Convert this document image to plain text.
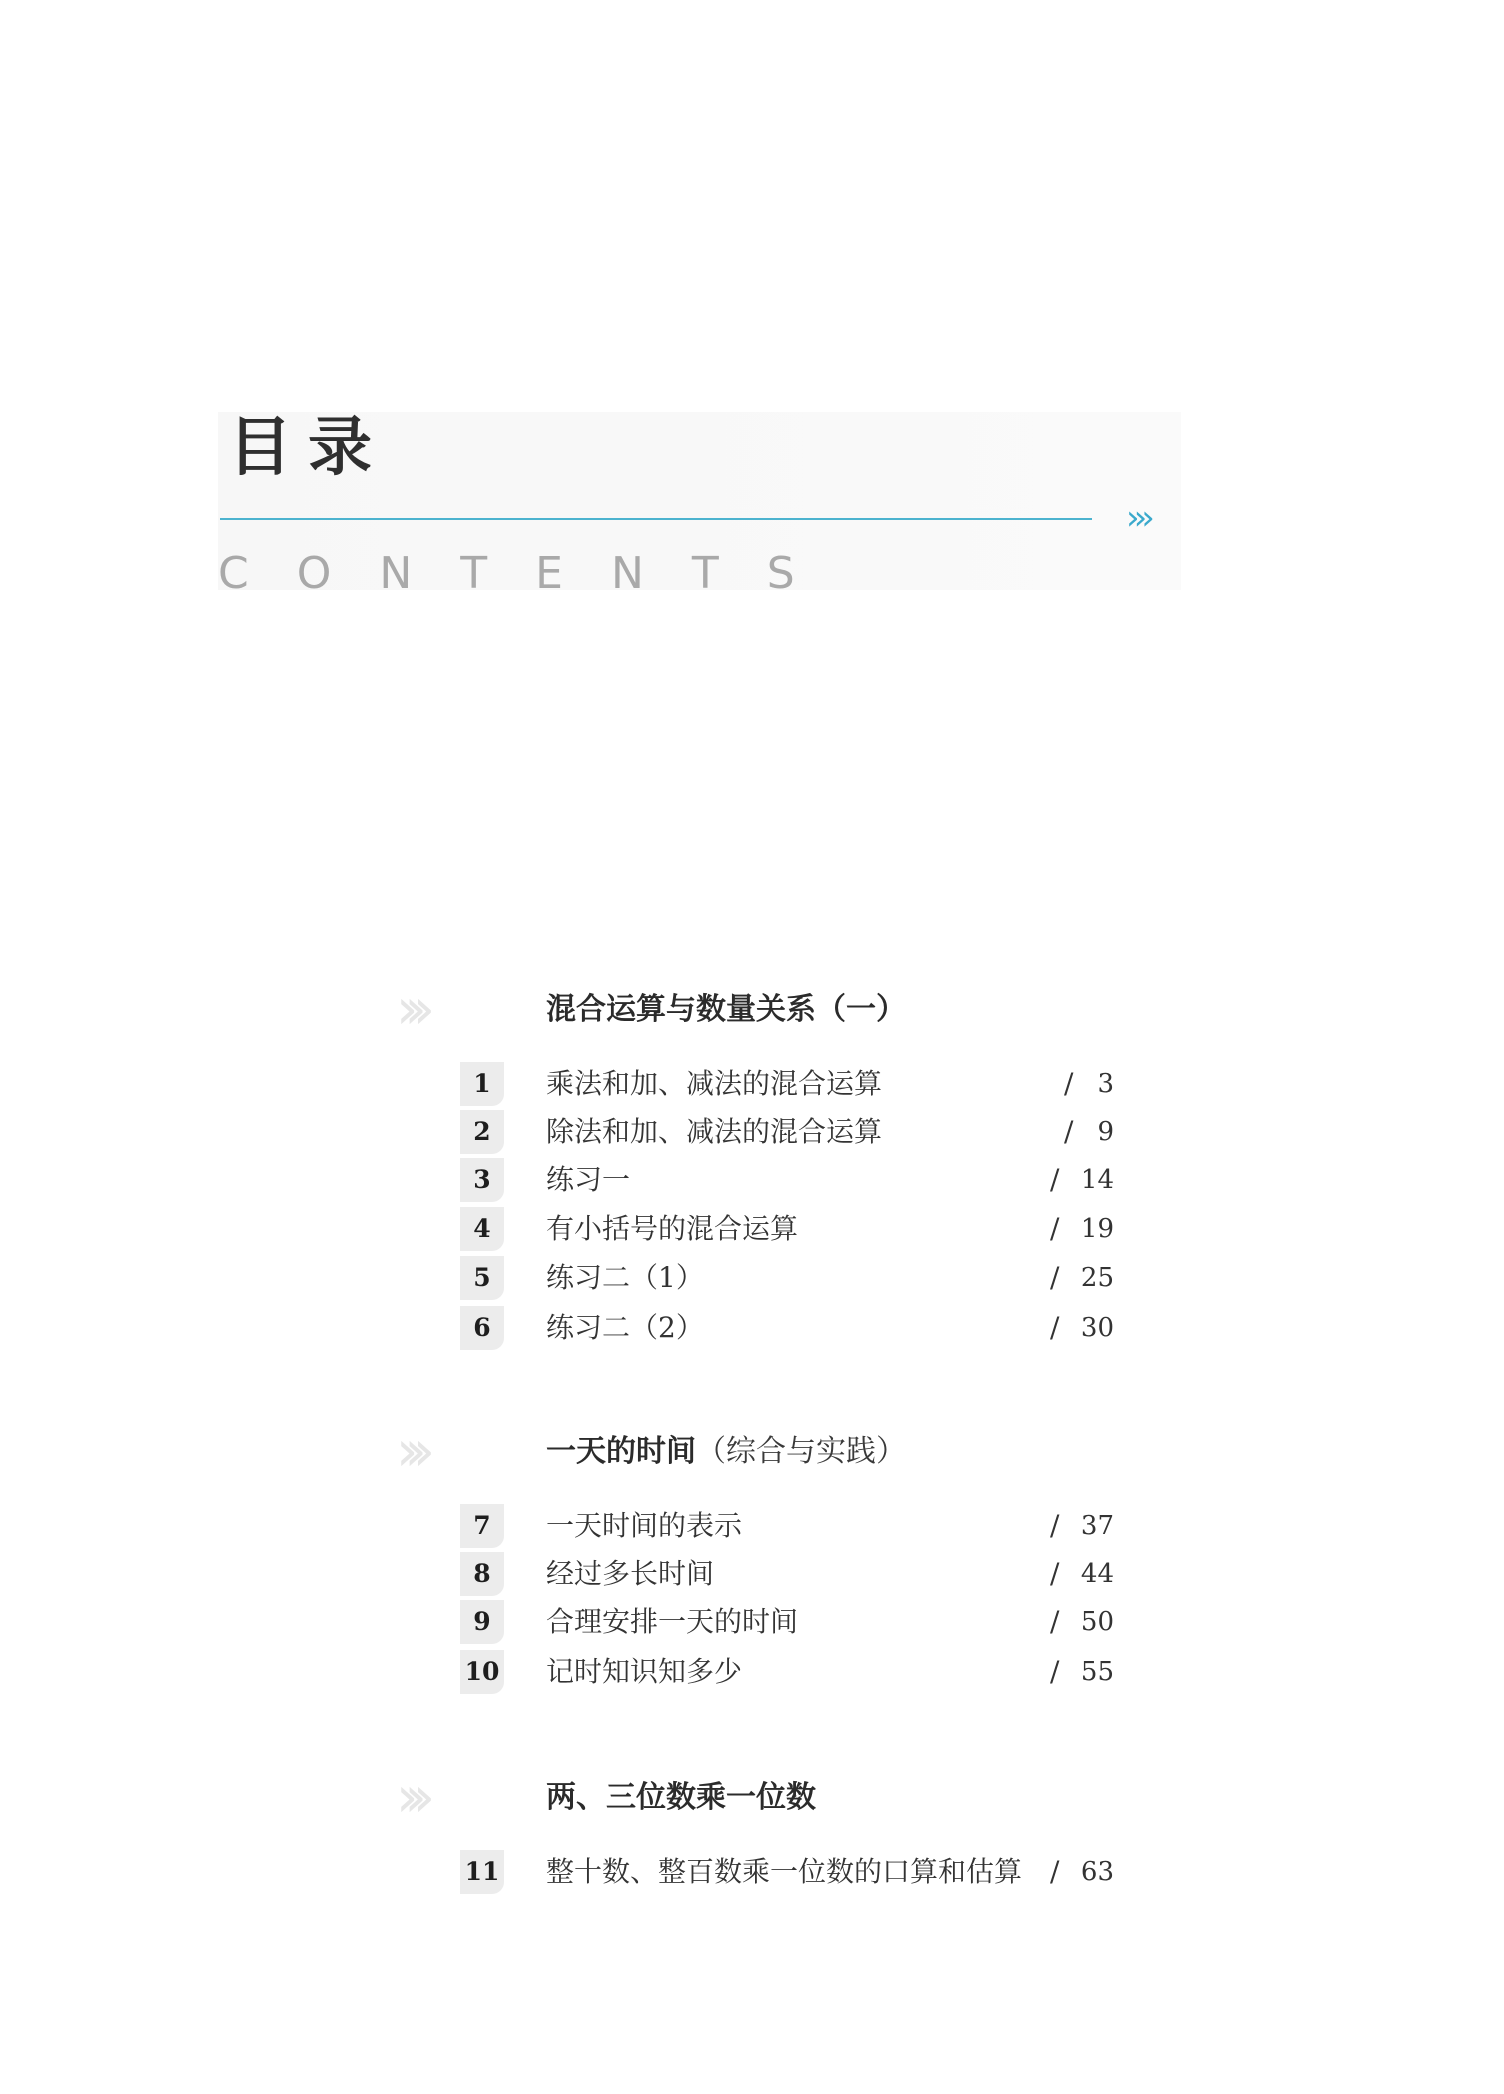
目录
›››
CONTENTS
›››	混合运算与数量关系（一）
1	乘法和加、减法的混合运算	/ 3
2	除法和加、减法的混合运算	/ 9
3	练习一	/ 14
4	有小括号的混合运算	/ 19
5	练习二（1）	/ 25
6	练习二（2）	/ 30
›››	一天的时间（综合与实践）
7	一天时间的表示	/ 37
8	经过多长时间	/ 44
9	合理安排一天的时间	/ 50
10 记时知识知多少	/ 55
›››	两、三位数乘一位数
11 整十数、整百数乘一位数的口算和估算 / 63
